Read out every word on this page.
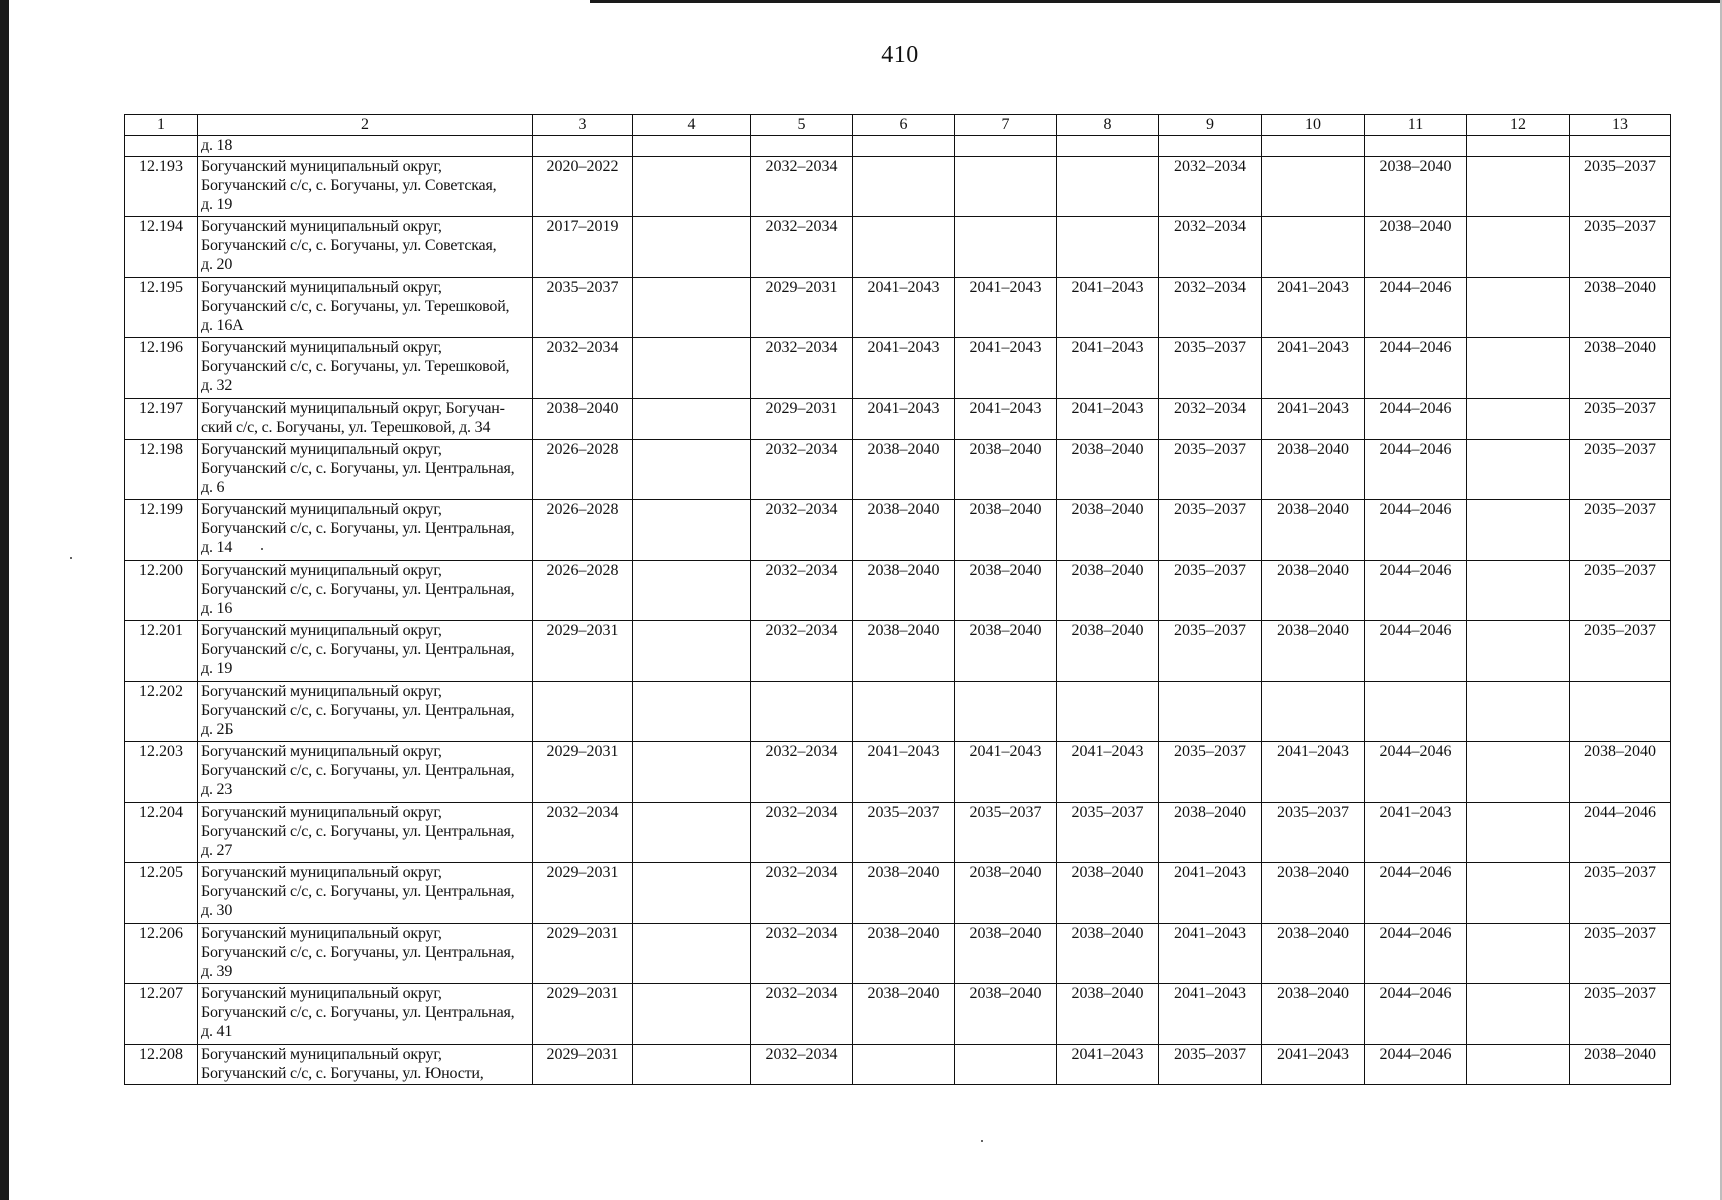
410
1	2	3	4	5	6	7	8	9	10	11	12	13
	д. 18											
12.193	Богучанский муниципальный округ,
Богучанский с/с, с. Богучаны, ул. Советская,
д. 19	2020–2022		2032–2034				2032–2034		2038–2040		2035–2037
12.194	Богучанский муниципальный округ,
Богучанский с/с, с. Богучаны, ул. Советская,
д. 20	2017–2019		2032–2034				2032–2034		2038–2040		2035–2037
12.195	Богучанский муниципальный округ,
Богучанский с/с, с. Богучаны, ул. Терешковой,
д. 16А	2035–2037		2029–2031	2041–2043	2041–2043	2041–2043	2032–2034	2041–2043	2044–2046		2038–2040
12.196	Богучанский муниципальный округ,
Богучанский с/с, с. Богучаны, ул. Терешковой,
д. 32	2032–2034		2032–2034	2041–2043	2041–2043	2041–2043	2035–2037	2041–2043	2044–2046		2038–2040
12.197	Богучанский муниципальный округ, Богучан-
ский с/с, с. Богучаны, ул. Терешковой, д. 34	2038–2040		2029–2031	2041–2043	2041–2043	2041–2043	2032–2034	2041–2043	2044–2046		2035–2037
12.198	Богучанский муниципальный округ,
Богучанский с/с, с. Богучаны, ул. Центральная,
д. 6	2026–2028		2032–2034	2038–2040	2038–2040	2038–2040	2035–2037	2038–2040	2044–2046		2035–2037
12.199	Богучанский муниципальный округ,
Богучанский с/с, с. Богучаны, ул. Центральная,
д. 14	2026–2028		2032–2034	2038–2040	2038–2040	2038–2040	2035–2037	2038–2040	2044–2046		2035–2037
12.200	Богучанский муниципальный округ,
Богучанский с/с, с. Богучаны, ул. Центральная,
д. 16	2026–2028		2032–2034	2038–2040	2038–2040	2038–2040	2035–2037	2038–2040	2044–2046		2035–2037
12.201	Богучанский муниципальный округ,
Богучанский с/с, с. Богучаны, ул. Центральная,
д. 19	2029–2031		2032–2034	2038–2040	2038–2040	2038–2040	2035–2037	2038–2040	2044–2046		2035–2037
12.202	Богучанский муниципальный округ,
Богучанский с/с, с. Богучаны, ул. Центральная,
д. 2Б											
12.203	Богучанский муниципальный округ,
Богучанский с/с, с. Богучаны, ул. Центральная,
д. 23	2029–2031		2032–2034	2041–2043	2041–2043	2041–2043	2035–2037	2041–2043	2044–2046		2038–2040
12.204	Богучанский муниципальный округ,
Богучанский с/с, с. Богучаны, ул. Центральная,
д. 27	2032–2034		2032–2034	2035–2037	2035–2037	2035–2037	2038–2040	2035–2037	2041–2043		2044–2046
12.205	Богучанский муниципальный округ,
Богучанский с/с, с. Богучаны, ул. Центральная,
д. 30	2029–2031		2032–2034	2038–2040	2038–2040	2038–2040	2041–2043	2038–2040	2044–2046		2035–2037
12.206	Богучанский муниципальный округ,
Богучанский с/с, с. Богучаны, ул. Центральная,
д. 39	2029–2031		2032–2034	2038–2040	2038–2040	2038–2040	2041–2043	2038–2040	2044–2046		2035–2037
12.207	Богучанский муниципальный округ,
Богучанский с/с, с. Богучаны, ул. Центральная,
д. 41	2029–2031		2032–2034	2038–2040	2038–2040	2038–2040	2041–2043	2038–2040	2044–2046		2035–2037
12.208	Богучанский муниципальный округ,
Богучанский с/с, с. Богучаны, ул. Юности,	2029–2031		2032–2034			2041–2043	2035–2037	2041–2043	2044–2046		2038–2040
